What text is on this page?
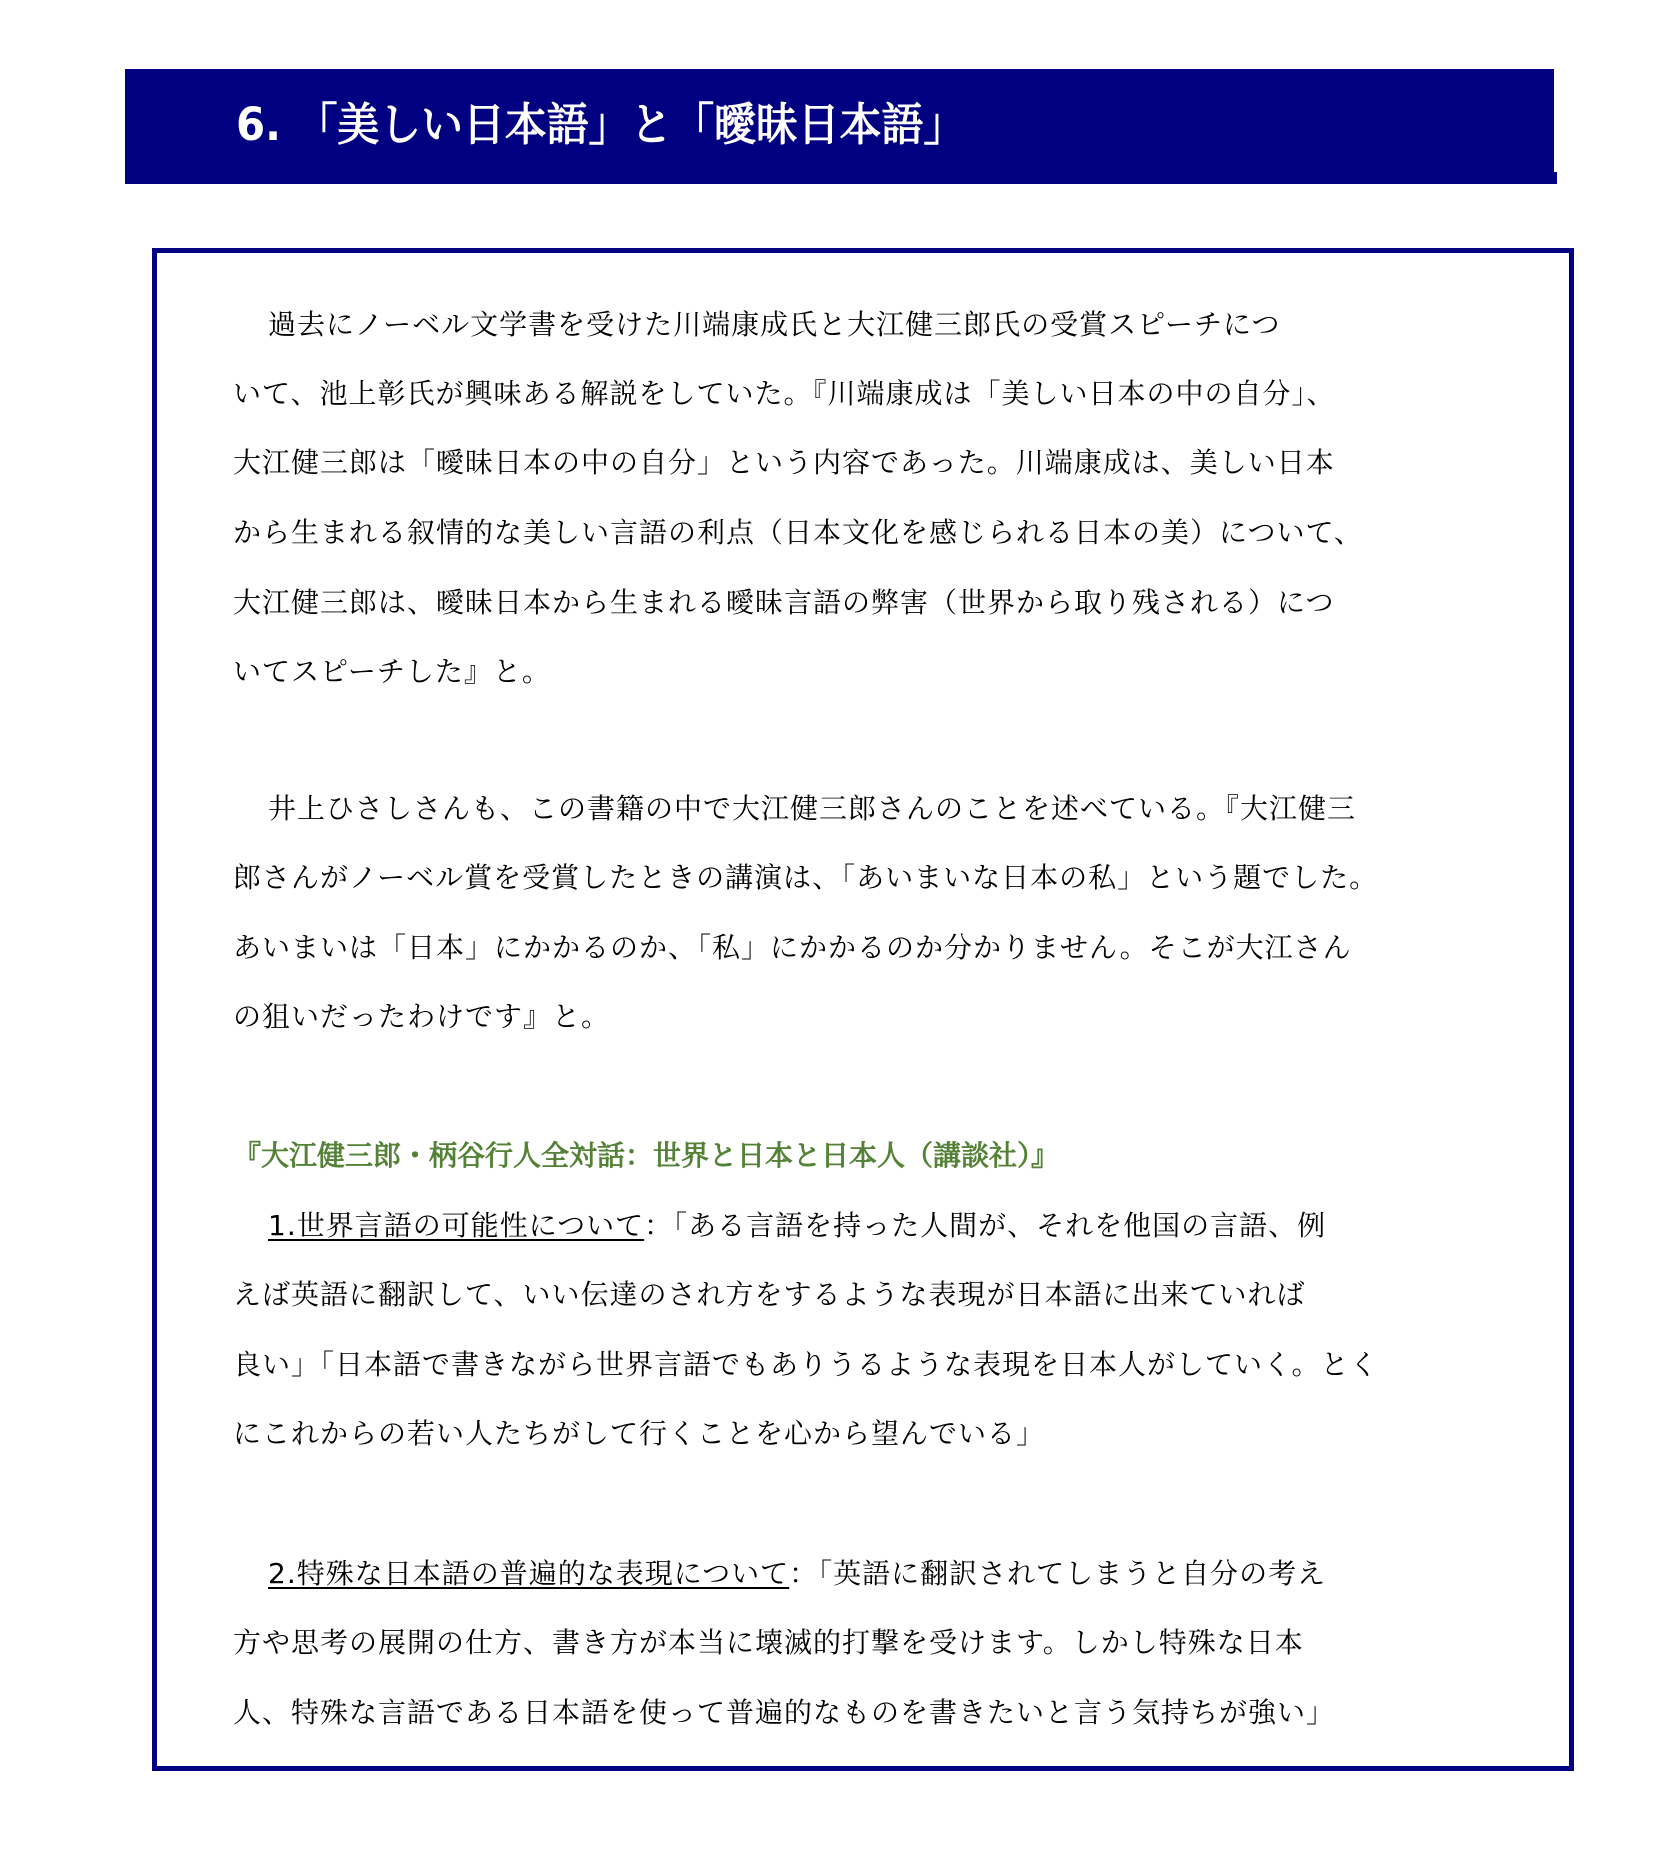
6. 「美しい日本語」と「曖昧日本語」
過去にノーベル文学書を受けた川端康成氏と大江健三郎氏の受賞スピーチにつ
いて、池上彰氏が興味ある解説をしていた。『川端康成は「美しい日本の中の自分」、
大江健三郎は「曖昧日本の中の自分」という内容であった。川端康成は、美しい日本
から生まれる叙情的な美しい言語の利点（日本文化を感じられる日本の美）について、
大江健三郎は、曖昧日本から生まれる曖昧言語の弊害（世界から取り残される）につ
いてスピーチした』と。
井上ひさしさんも、この書籍の中で大江健三郎さんのことを述べている。『大江健三
郎さんがノーベル賞を受賞したときの講演は、「あいまいな日本の私」という題でした。
あいまいは「日本」にかかるのか、「私」にかかるのか分かりません。そこが大江さん
の狙いだったわけです』と。
『大江健三郎・柄谷行人全対話：世界と日本と日本人（講談社）』
1.世界言語の可能性について：「ある言語を持った人間が、それを他国の言語、例
えば英語に翻訳して、いい伝達のされ方をするような表現が日本語に出来ていれば
良い」「日本語で書きながら世界言語でもありうるような表現を日本人がしていく。とく
にこれからの若い人たちがして行くことを心から望んでいる」
2.特殊な日本語の普遍的な表現について：「英語に翻訳されてしまうと自分の考え
方や思考の展開の仕方、書き方が本当に壊滅的打撃を受けます。しかし特殊な日本
人、特殊な言語である日本語を使って普遍的なものを書きたいと言う気持ちが強い」
